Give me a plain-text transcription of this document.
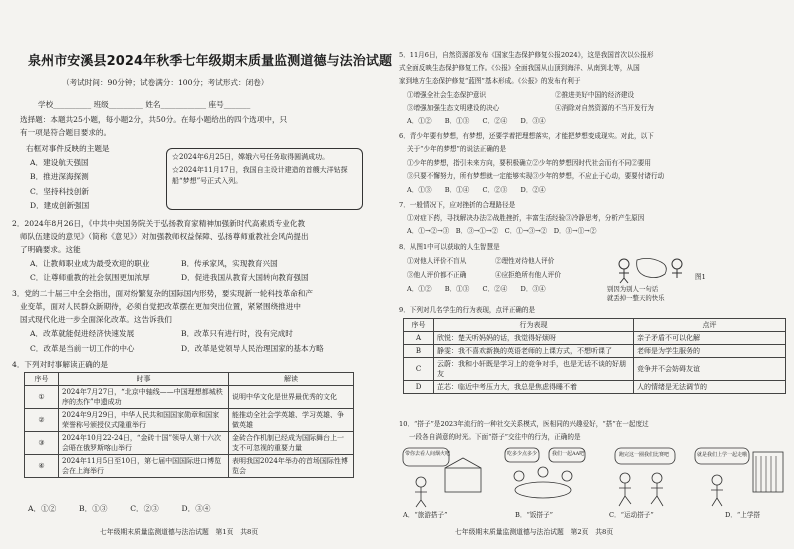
泉州市安溪县2024年秋季七年级期末质量监测道德与法治试题
（考试时间：90分钟；试卷满分：100分；考试形式：闭卷）
学校__________ 班级_________ 姓名____________ 座号_______
选择题：本题共25小题，每小题2分，共50分。在每小题给出的四个选项中，只
有一项是符合题目要求的。
右框对事件反映的主题是
A．建设航天强国
B．推进深海探测
C．坚持科技创新
D．建成创新强国
☆2024年6月25日，嫦娥六号任务取得圆满成功。
☆2024年11月17日，我国自主设计建造的首艘大洋钻探船“梦想”号正式入列。
2．2024年8月26日，《中共中央国务院关于弘扬教育家精神加强新时代高素质专业化教
师队伍建设的意见》（简称《意见》）对加强教师权益保障、弘扬尊师重教社会风尚提出
了明确要求。这能
A．让教师职业成为最受欢迎的职业	B．传承家风，实现教育兴国
C．让尊师重教的社会氛围更加浓厚	D．促进我国从教育大国转向教育强国
3．党的二十届三中全会指出，面对纷繁复杂的国际国内形势，要实现新一轮科技革命和产
业变革，面对人民群众新期待，必须自觉把改革摆在更加突出位置，紧紧围绕推进中
国式现代化进一步全面深化改革。这告诉我们
A．改革就能促进经济快速发展	B．改革只有进行时，没有完成时
C．改革是当前一切工作的中心	D．改革是党领导人民治理国家的基本方略
4．下列对时事解读正确的是
序号	时事	解读
①	2024年7月27日，“北京中轴线——中国理想都城秩序的杰作”申遗成功	说明中华文化是世界最优秀的文化
②	2024年9月29日，中华人民共和国国家勋章和国家荣誉称号颁授仪式隆重举行	能推动全社会学英雄、学习英雄、争做英雄
③	2024年10月22-24日，“金砖十国”领导人第十六次会晤在俄罗斯喀山举行	金砖合作机制已经成为国际舞台上一支不可忽视的重要力量
④	2024年11月5日至10日，第七届中国国际进口博览会在上海举行	表明我国2024年举办的首场国际性博览会
A．①②　　　B．①③　　　C．②③　　　D．③④
七年级期末质量监测道德与法治试题　第1页　共8页
5．11月6日，自然资源部发布《国家生态保护修复公报2024》，这是我国首次以公报形
式全面反映生态保护修复工作。《公报》全面我国从山顶到海洋、从南到北等，从国
家到地方生态保护修复“蓝图”基本形成。《公报》的发布有利于
①增强全社会生态保护意识	②推进美好中国的经济建设
③增强加强生态文明建设的决心	④消除对自然资源的不当开发行为
A．①②　　B．①③　　C．②④　　D．③④
6．青少年要有梦想，有梦想，还要学着把理想落实，才能把梦想变成现实。对此，以下
关于“少年的梦想”的说法正确的是
①少年的梦想，指引未来方向，要积极确立②少年的梦想因时代社会而有不同②要用
③只要不懈努力，所有梦想就一定能够实现③少年的梦想，不应止于心动，要要付诸行动
A．①③　　B．①④　　C．②③　　D．②④
7．一般情况下，应对挫折的合理路径是
①对症下药，寻找解决办法②战胜挫折，丰富生活经验③冷静思考，分析产生原因
A．①→②→③　B．③→①→②　C．①→③→②　D．③→①→②
8．从图1中可以获取的人生智慧是
①对他人评价不盲从	②理性对待他人评价
③他人评价都不正确	④应拒绝所有他人评价
A．①②　　B．①③　　C．②④　　D．③④
图1
别因为别人一句话
就丢掉一整天的快乐
9．下列对几名学生的行为表现，点评正确的是
序号	行为表现	点评
A	欣悦：楚天听妈妈的话，我觉得好烦呀	亲子矛盾不可以化解
B	静雯：我不喜欢新换的英语老师的上课方式，不想听课了	老师是为学生服务的
C	云蔚：我和小轩既是学习上的竞争对手，也是无话不谈的好朋友	竞争并不会妨碍友谊
D	芷芯：临近中考压力大，我总是焦虑得睡不着	人的情绪是无法调节的
10．“搭子”是2023年流行的一种社交关系模式，医相同的兴趣爱好，“搭”在一起度过
一段各自满意的时光。下面“搭子”交往中的行为，正确的是
带你去看人间烟火吧	吃多少点多少	我们一起AA吧	跑完这一圈我们比赛吧	就是我们上学一起走哦
A．“旅游搭子”	B．“饭搭子”	C．“运动搭子”	D．“上学搭
七年级期末质量监测道德与法治试题　第2页　共8页
